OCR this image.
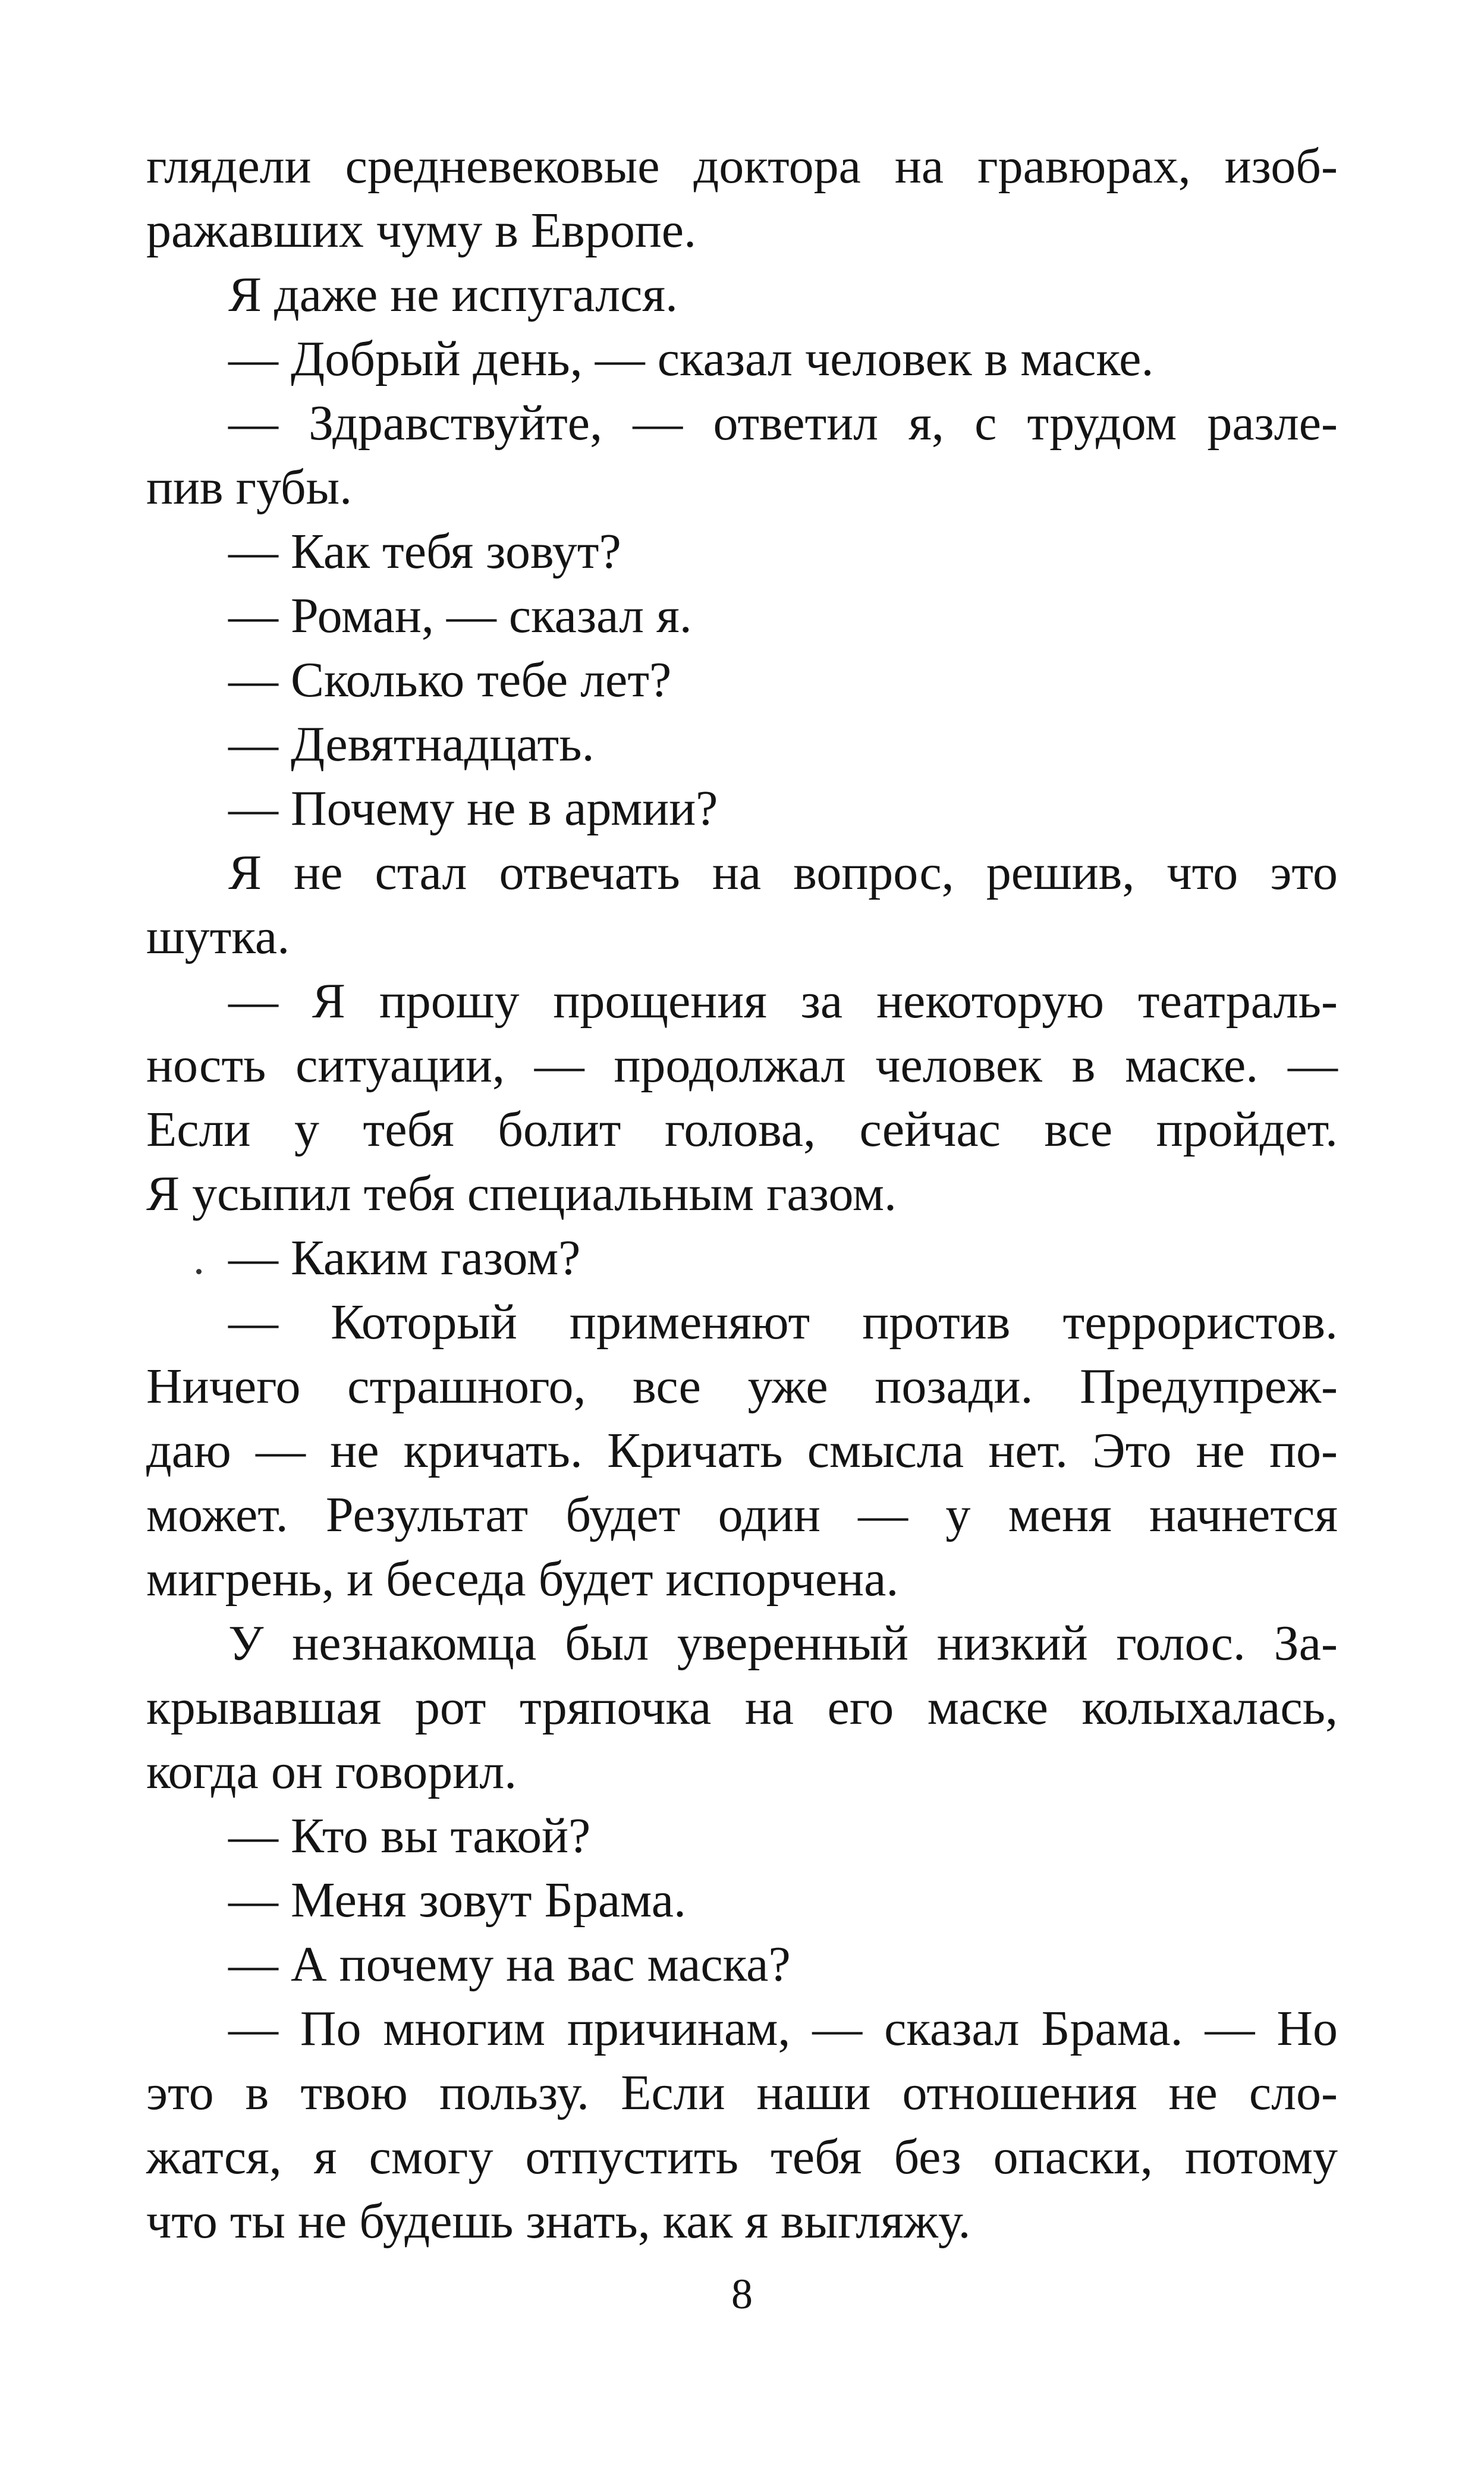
глядели средневековые доктора на гравюрах, изоб-
ражавших чуму в Европе.
Я даже не испугался.
— Добрый день, — сказал человек в маске.
— Здравствуйте, — ответил я, с трудом разле-
пив губы.
— Как тебя зовут?
— Роман, — сказал я.
— Сколько тебе лет?
— Девятнадцать.
— Почему не в армии?
Я не стал отвечать на вопрос, решив, что это
шутка.
— Я прошу прощения за некоторую театраль-
ность ситуации, — продолжал человек в маске. —
Если у тебя болит голова, сейчас все пройдет.
Я усыпил тебя специальным газом.
— Каким газом?
— Который применяют против террористов.
Ничего страшного, все уже позади. Предупреж-
даю — не кричать. Кричать смысла нет. Это не по-
может. Результат будет один — у меня начнется
мигрень, и беседа будет испорчена.
У незнакомца был уверенный низкий голос. За-
крывавшая рот тряпочка на его маске колыхалась,
когда он говорил.
— Кто вы такой?
— Меня зовут Брама.
— А почему на вас маска?
— По многим причинам, — сказал Брама. — Но
это в твою пользу. Если наши отношения не сло-
жатся, я смогу отпустить тебя без опаски, потому
что ты не будешь знать, как я выгляжу.
8
